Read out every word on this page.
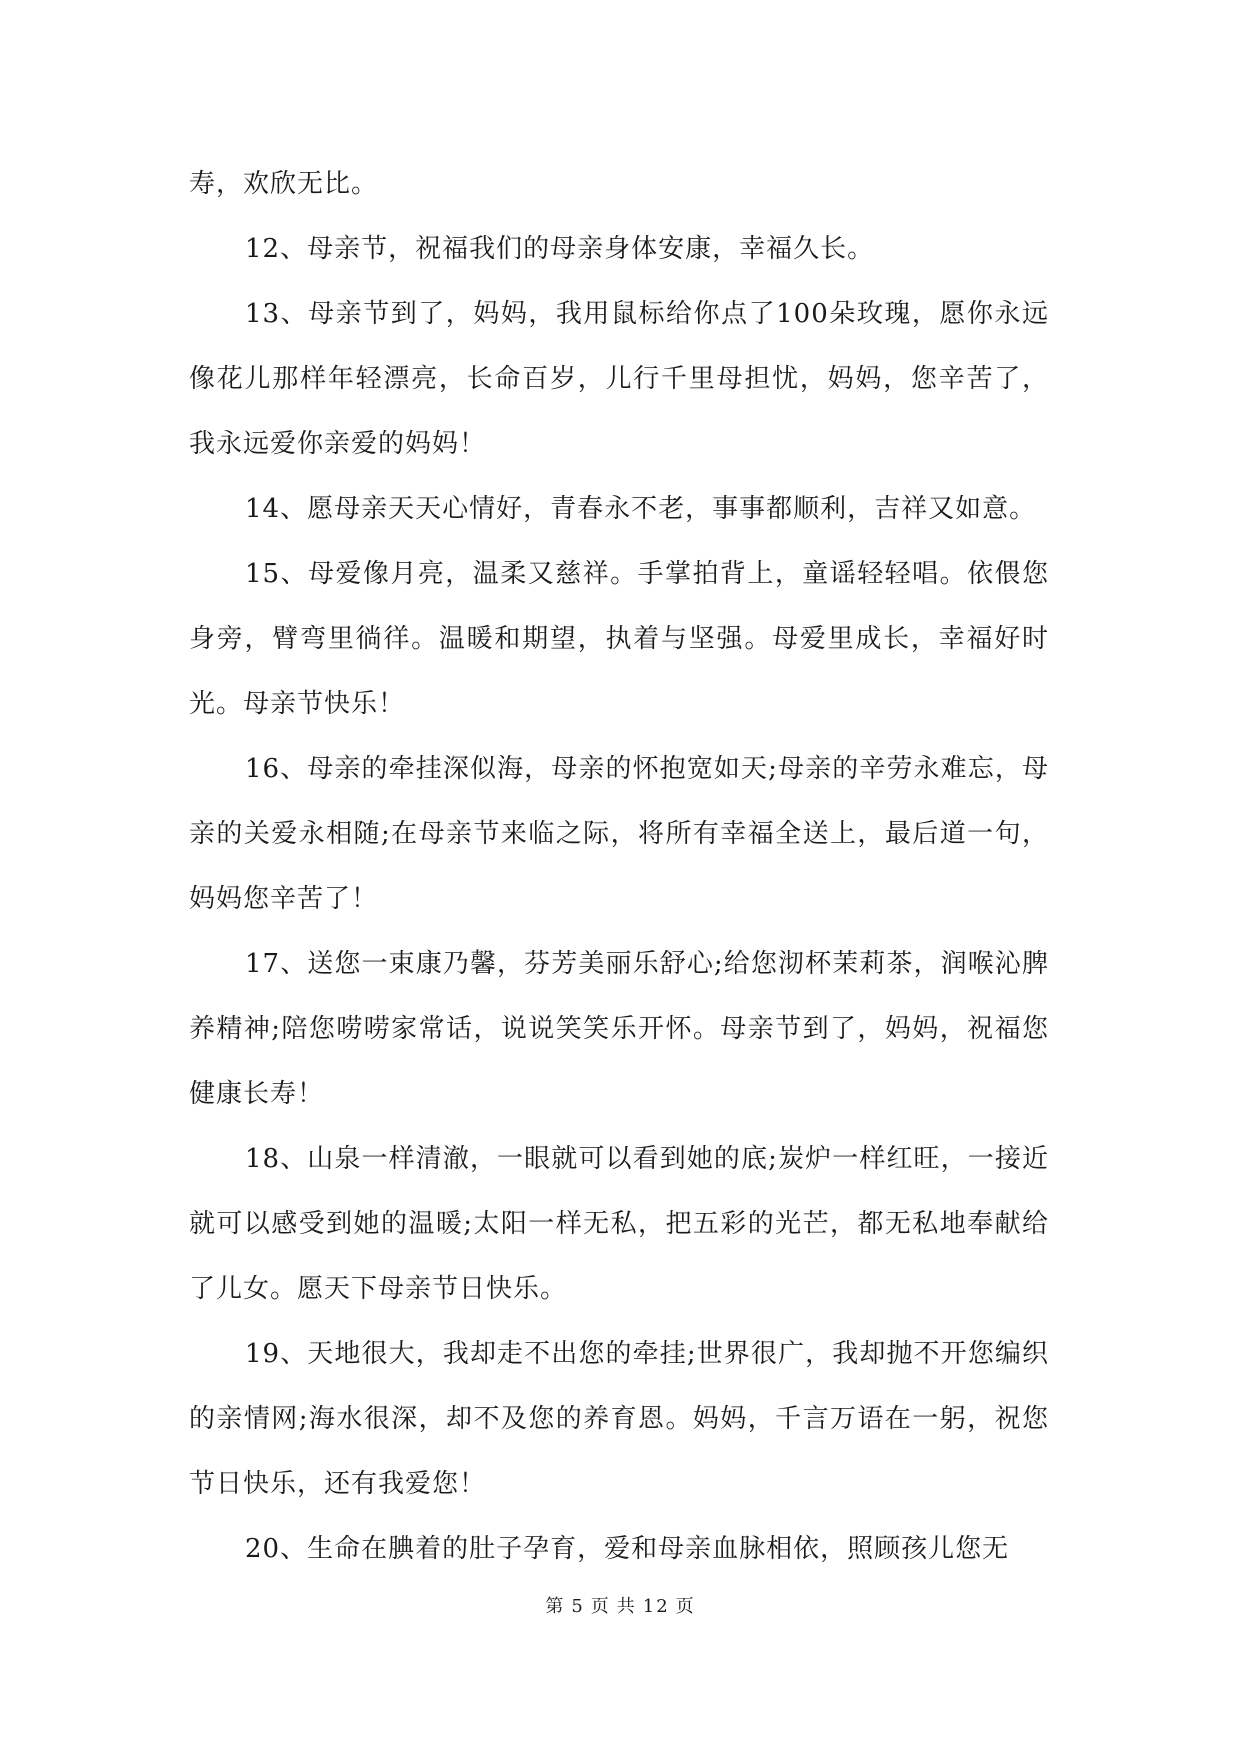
寿，欢欣无比。

12、母亲节，祝福我们的母亲身体安康，幸福久长。

13、母亲节到了，妈妈，我用鼠标给你点了100朵玫瑰，愿你永远像花儿那样年轻漂亮，长命百岁，儿行千里母担忧，妈妈，您辛苦了，我永远爱你亲爱的妈妈！

14、愿母亲天天心情好，青春永不老，事事都顺利，吉祥又如意。

15、母爱像月亮，温柔又慈祥。手掌拍背上，童谣轻轻唱。依偎您身旁，臂弯里徜徉。温暖和期望，执着与坚强。母爱里成长，幸福好时光。母亲节快乐！

16、母亲的牵挂深似海，母亲的怀抱宽如天;母亲的辛劳永难忘，母亲的关爱永相随;在母亲节来临之际，将所有幸福全送上，最后道一句，妈妈您辛苦了！

17、送您一束康乃馨，芬芳美丽乐舒心;给您沏杯茉莉茶，润喉沁脾养精神;陪您唠唠家常话，说说笑笑乐开怀。母亲节到了，妈妈，祝福您健康长寿！

18、山泉一样清澈，一眼就可以看到她的底;炭炉一样红旺，一接近就可以感受到她的温暖;太阳一样无私，把五彩的光芒，都无私地奉献给了儿女。愿天下母亲节日快乐。

19、天地很大，我却走不出您的牵挂;世界很广，我却抛不开您编织的亲情网;海水很深，却不及您的养育恩。妈妈，千言万语在一躬，祝您节日快乐，还有我爱您！

20、生命在腆着的肚子孕育，爱和母亲血脉相依，照顾孩儿您无

第 5 页 共 12 页
